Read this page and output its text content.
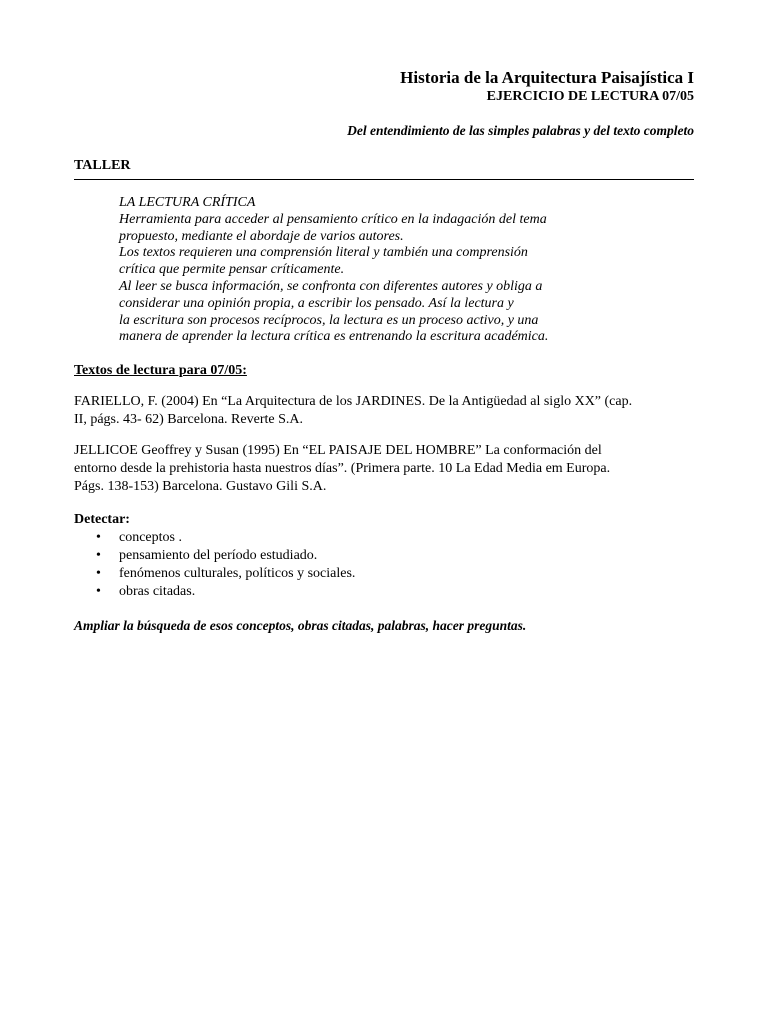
Historia de la Arquitectura Paisajística I
EJERCICIO DE LECTURA 07/05
Del entendimiento de las simples palabras y del texto completo
TALLER
LA LECTURA CRÍTICA
Herramienta para acceder al pensamiento crítico en la indagación del tema
propuesto, mediante el abordaje de varios autores.
Los textos requieren una comprensión literal y también una comprensión
crítica que permite pensar críticamente.
Al leer se busca información, se confronta con diferentes autores y obliga a
considerar una opinión propia, a escribir los pensado. Así la lectura y
la escritura son procesos recíprocos, la lectura es un proceso activo, y una
manera de aprender la lectura crítica es entrenando la escritura académica.
Textos de lectura para 07/05:
FARIELLO, F. (2004) En “La Arquitectura de los JARDINES. De la Antigüedad al siglo XX” (cap.
II, págs. 43- 62) Barcelona. Reverte S.A.
JELLICOE Geoffrey y Susan (1995) En “EL PAISAJE DEL HOMBRE” La conformación del
entorno desde la prehistoria hasta nuestros días”. (Primera parte. 10 La Edad Media em Europa.
Págs. 138-153) Barcelona. Gustavo Gili S.A.
Detectar:
• conceptos .
• pensamiento del período estudiado.
• fenómenos culturales, políticos y sociales.
• obras citadas.
Ampliar la búsqueda de esos conceptos, obras citadas, palabras, hacer preguntas.
